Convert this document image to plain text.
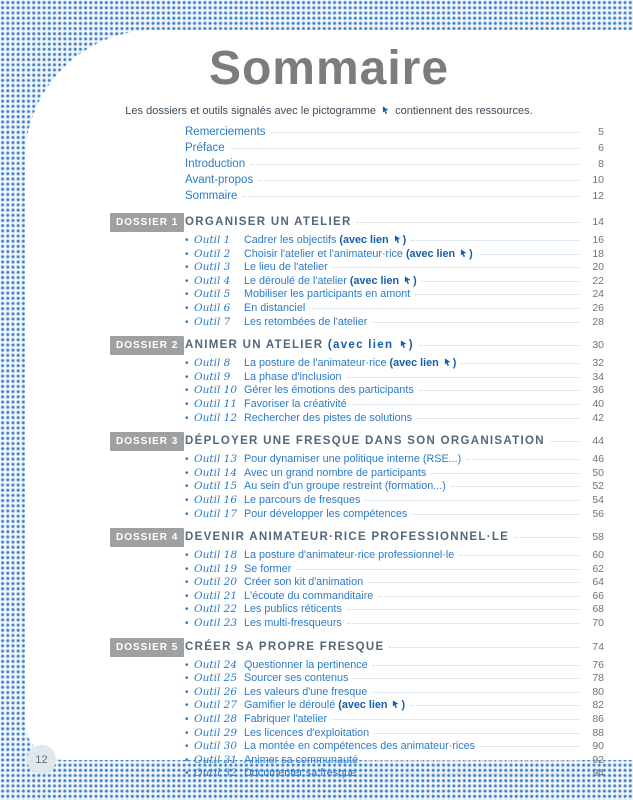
Sommaire
Les dossiers et outils signalés avec le pictogramme contiennent des ressources.
Remerciements	5
Préface	6
Introduction	8
Avant-propos	10
Sommaire	12
DOSSIER 1 ORGANISER UN ATELIER	14
• Outil 1	Cadrer les objectifs (avec lien )	16
• Outil 2	Choisir l'atelier et l'animateur·rice (avec lien )	18
• Outil 3	Le lieu de l'atelier	20
• Outil 4	Le déroulé de l'atelier (avec lien )	22
• Outil 5	Mobiliser les participants en amont	24
• Outil 6	En distanciel	26
• Outil 7	Les retombées de l'atelier	28
DOSSIER 2 ANIMER UN ATELIER (avec lien )	30
• Outil 8	La posture de l'animateur·rice (avec lien )	32
• Outil 9	La phase d'inclusion	34
• Outil 10 Gérer les émotions des participants	36
• Outil 11 Favoriser la créativité	40
• Outil 12 Rechercher des pistes de solutions	42
DOSSIER 3 DÉPLOYER UNE FRESQUE DANS SON ORGANISATION	44
• Outil 13 Pour dynamiser une politique interne (RSE...)	46
• Outil 14 Avec un grand nombre de participants	50
• Outil 15 Au sein d'un groupe restreint (formation...)	52
• Outil 16 Le parcours de fresques	54
• Outil 17 Pour développer les compétences	56
DOSSIER 4 DEVENIR ANIMATEUR·RICE PROFESSIONNEL·LE	58
• Outil 18 La posture d'animateur·rice professionnel·le	60
• Outil 19 Se former	62
• Outil 20 Créer son kit d'animation	64
• Outil 21 L'écoute du commanditaire	66
• Outil 22 Les publics réticents	68
• Outil 23 Les multi-fresqueurs	70
DOSSIER 5 CRÉER SA PROPRE FRESQUE	74
• Outil 24 Questionner la pertinence	76
• Outil 25 Sourcer ses contenus	78
• Outil 26 Les valeurs d'une fresque	80
• Outil 27 Gamifier le déroulé (avec lien )	82
• Outil 28 Fabriquer l'atelier	86
• Outil 29 Les licences d'exploitation	88
• Outil 30 La montée en compétences des animateur·rices	90
• Outil 31 Animer sa communauté	92
• Outil 32 Documenter sa fresque	94
12
